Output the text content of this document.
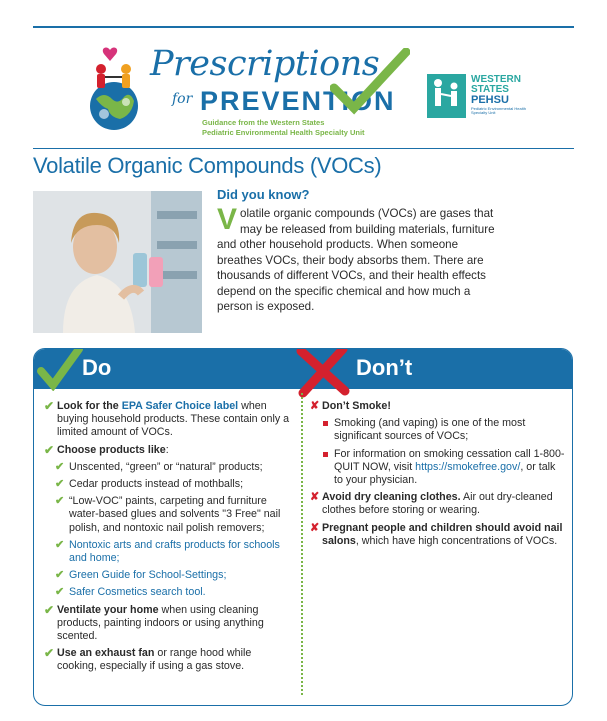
Prescriptions
for PREVENTION
Guidance from the Western States
Pediatric Environmental Health Specialty Unit
WESTERN
STATES
PEHSU
Pediatric Environmental Health Specialty Unit
Volatile Organic Compounds (VOCs)
Did you know?
Volatile organic compounds (VOCs) are gases that may be released from building materials, furniture and other household products. When someone breathes VOCs, their body absorbs them. There are thousands of different VOCs, and their health effects depend on the specific chemical and how much a person is exposed.
Do	Don’t
✔ Look for the EPA Safer Choice label when buying household products. These contain only a limited amount of VOCs.
✔ Choose products like:
✔ Unscented, “green” or “natural” products;
✔ Cedar products instead of mothballs;
✔ “Low-VOC” paints, carpeting and furniture water-based glues and solvents "3 Free" nail polish, and nontoxic nail polish removers;
✔ Nontoxic arts and crafts products for schools and home;
✔ Green Guide for School-Settings;
✔ Safer Cosmetics search tool.
✔ Ventilate your home when using cleaning products, painting indoors or using anything scented.
✔ Use an exhaust fan or range hood while cooking, especially if using a gas stove.
✘ Don’t Smoke!
Smoking (and vaping) is one of the most significant sources of VOCs;
For information on smoking cessation call 1-800-QUIT NOW, visit https://smokefree.gov/, or talk to your physician.
✘ Avoid dry cleaning clothes. Air out dry-cleaned clothes before storing or wearing.
✘ Pregnant people and children should avoid nail salons, which have high concentrations of VOCs.
